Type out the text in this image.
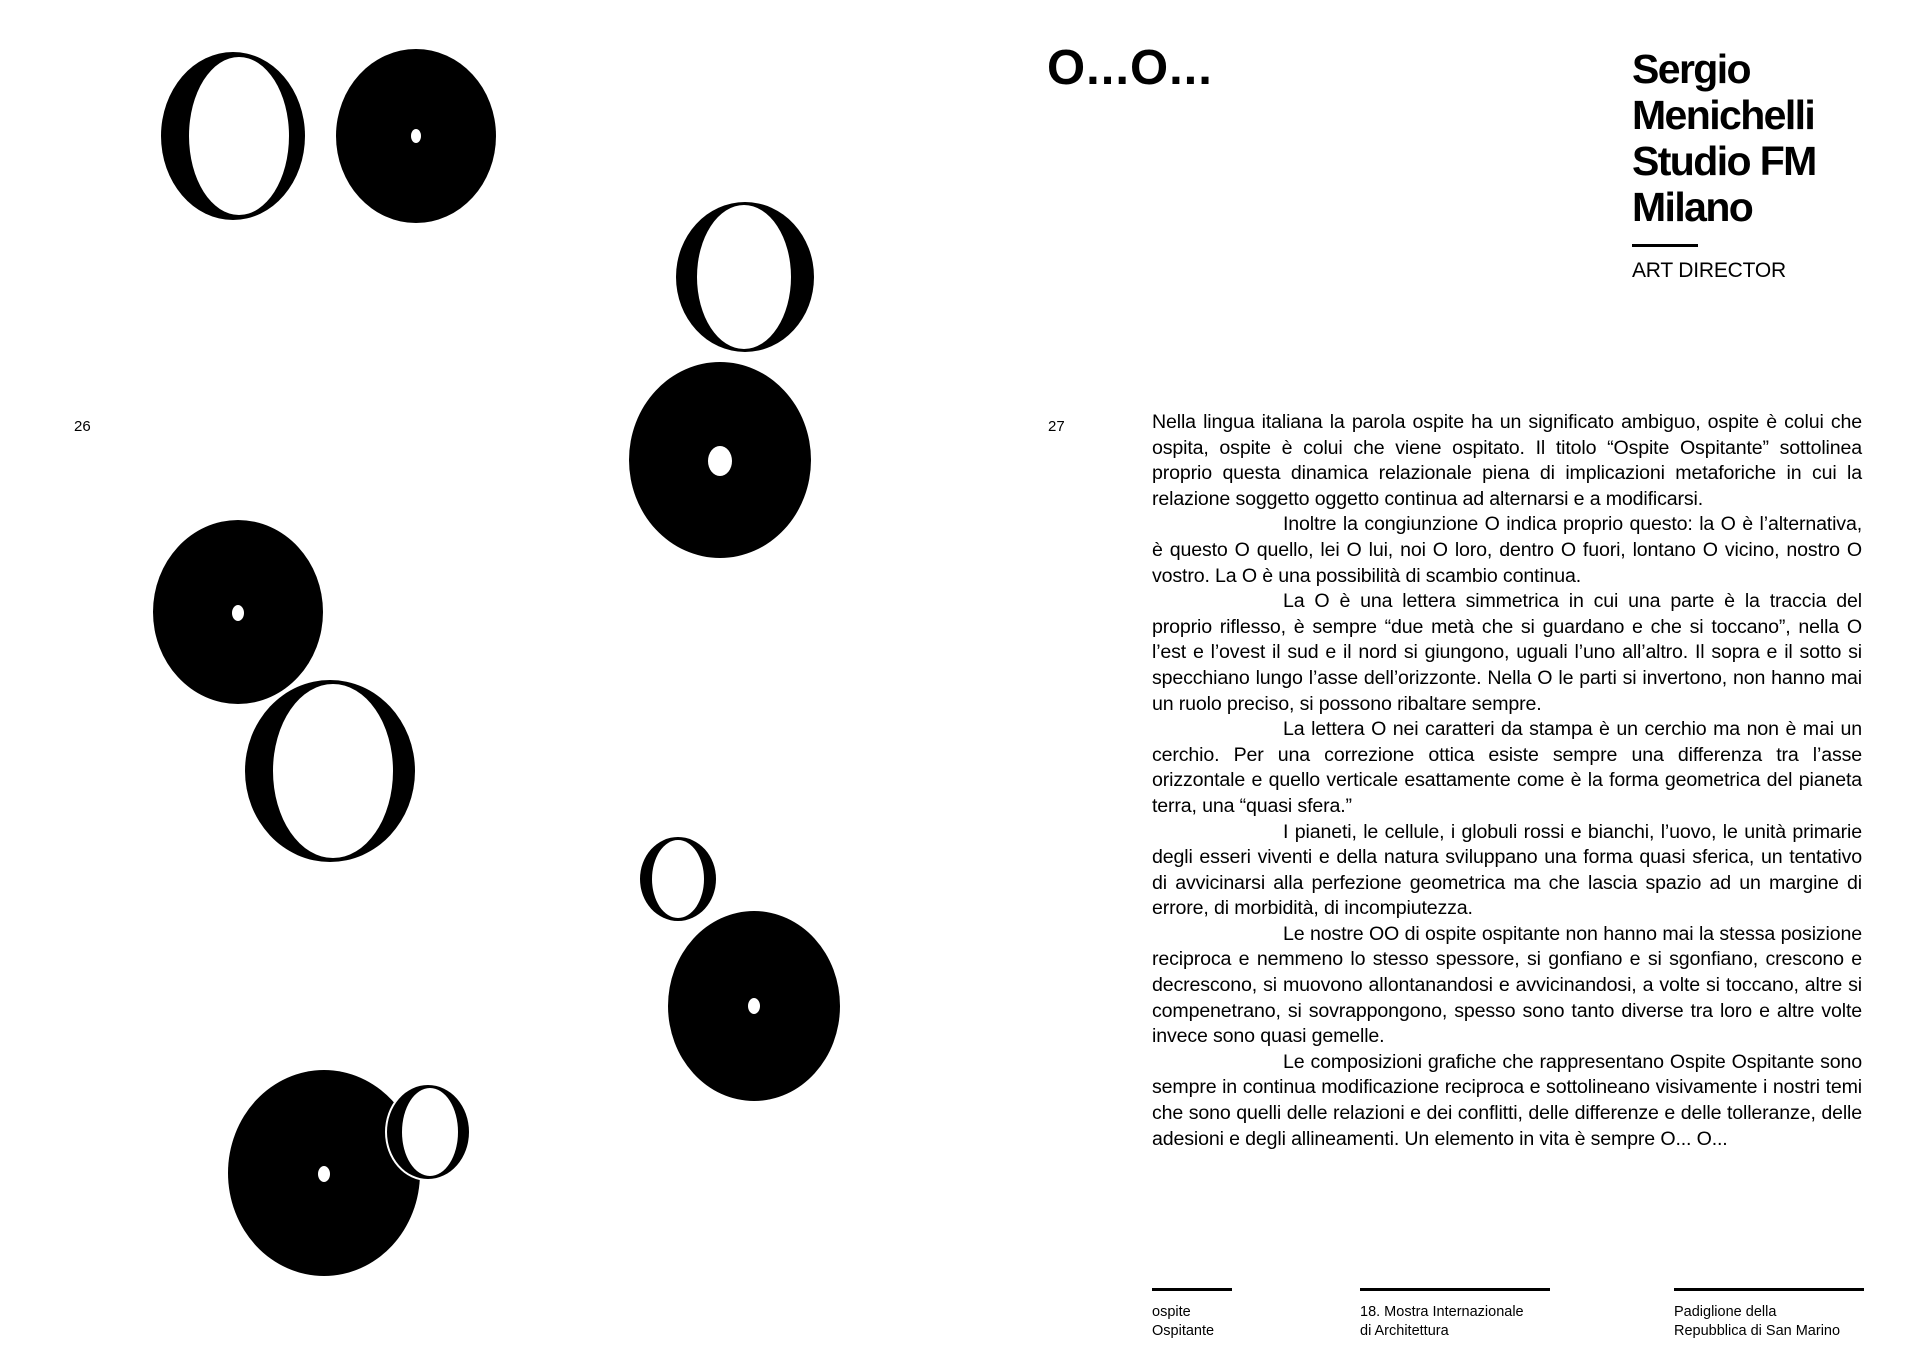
26	27
O...O...	Sergio
Menichelli
Studio FM
Milano
ART DIRECTOR

Nella lingua italiana la parola ospite ha un significato ambiguo, ospite è colui che ospita, ospite è colui che viene ospitato. Il titolo “Ospite Ospitante” sottolinea proprio questa dinamica relazionale piena di implicazioni metaforiche in cui la relazione soggetto oggetto continua ad alternarsi e a modificarsi.

Inoltre la congiunzione O indica proprio questo: la O è l’alternativa, è questo O quello, lei O lui, noi O loro, dentro O fuori, lontano O vicino, nostro O vostro. La O è una possibilità di scambio continua.

La O è una lettera simmetrica in cui una parte è la traccia del proprio riflesso, è sempre “due metà che si guardano e che si toccano”, nella O l’est e l’ovest il sud e il nord si giungono, uguali l’uno all’altro. Il sopra e il sotto si specchiano lungo l’asse dell’orizzonte. Nella O le parti si invertono, non hanno mai un ruolo preciso, si possono ribaltare sempre.

La lettera O nei caratteri da stampa è un cerchio ma non è mai un cerchio. Per una correzione ottica esiste sempre una differenza tra l’asse orizzontale e quello verticale esattamente come è la forma geometrica del pianeta terra, una “quasi sfera.”

I pianeti, le cellule, i globuli rossi e bianchi, l’uovo, le unità primarie degli esseri viventi e della natura sviluppano una forma quasi sferica, un tentativo di avvicinarsi alla perfezione geometrica ma che lascia spazio ad un margine di errore, di morbidità, di incompiutezza.

Le nostre OO di ospite ospitante non hanno mai la stessa posizione reciproca e nemmeno lo stesso spessore, si gonfiano e si sgonfiano, crescono e decrescono, si muovono allontanandosi e avvicinandosi, a volte si toccano, altre si compenetrano, si sovrappongono, spesso sono tanto diverse tra loro e altre volte invece sono quasi gemelle.

Le composizioni grafiche che rappresentano Ospite Ospitante sono sempre in continua modificazione reciproca e sottolineano visivamente i nostri temi che sono quelli delle relazioni e dei conflitti, delle differenze e delle tolleranze, delle adesioni e degli allineamenti. Un elemento in vita è sempre O... O...

ospite
Ospitante
18. Mostra Internazionale
di Architettura
Padiglione della
Repubblica di San Marino
